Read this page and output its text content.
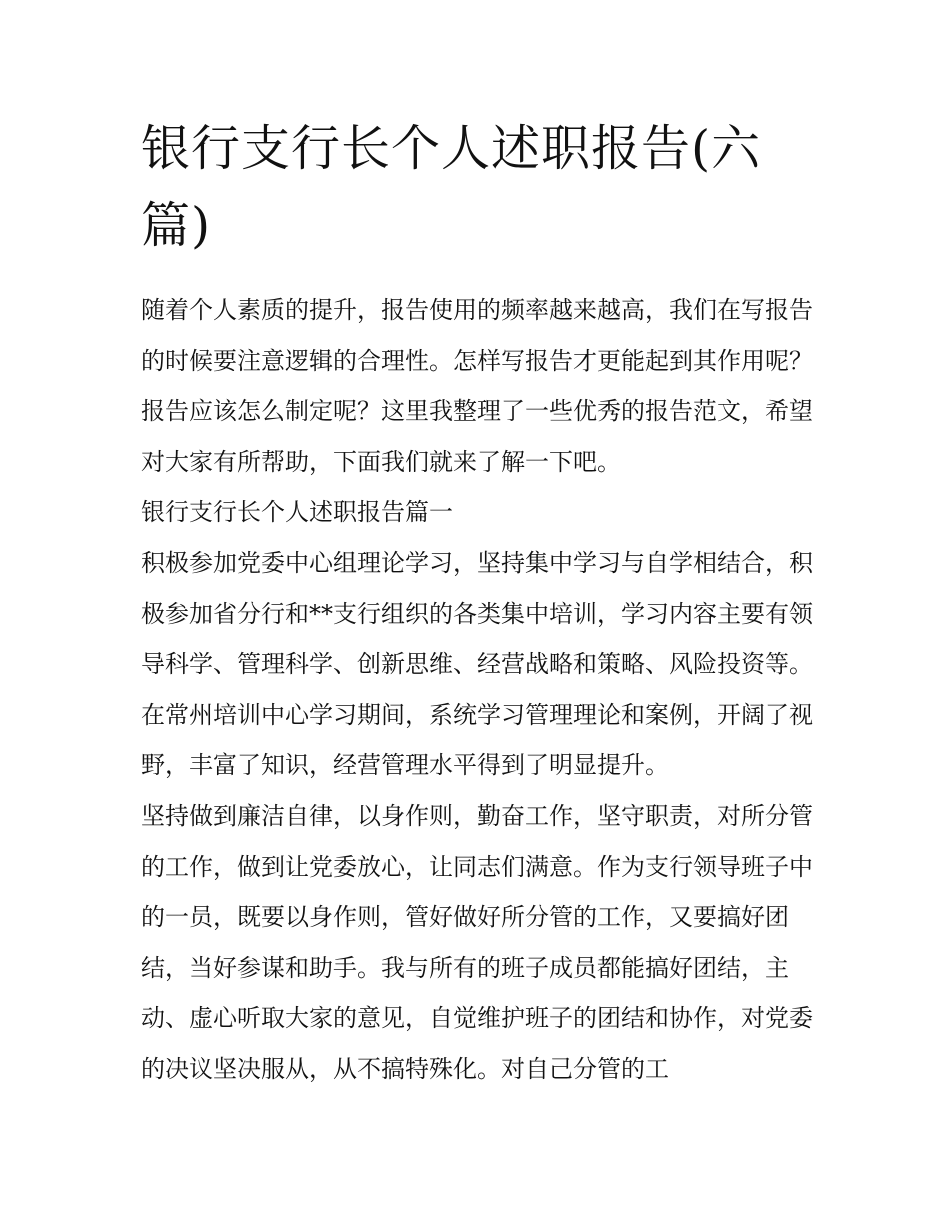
银行支行长个人述职报告(六篇)

随着个人素质的提升，报告使用的频率越来越高，我们在写报告的时候要注意逻辑的合理性。怎样写报告才更能起到其作用呢？报告应该怎么制定呢？这里我整理了一些优秀的报告范文，希望对大家有所帮助，下面我们就来了解一下吧。

银行支行长个人述职报告篇一

积极参加党委中心组理论学习，坚持集中学习与自学相结合，积极参加省分行和**支行组织的各类集中培训，学习内容主要有领导科学、管理科学、创新思维、经营战略和策略、风险投资等。在常州培训中心学习期间，系统学习管理理论和案例，开阔了视野，丰富了知识，经营管理水平得到了明显提升。

坚持做到廉洁自律，以身作则，勤奋工作，坚守职责，对所分管的工作，做到让党委放心，让同志们满意。作为支行领导班子中的一员，既要以身作则，管好做好所分管的工作，又要搞好团结，当好参谋和助手。我与所有的班子成员都能搞好团结，主动、虚心听取大家的意见，自觉维护班子的团结和协作，对党委的决议坚决服从，从不搞特殊化。对自己分管的工
